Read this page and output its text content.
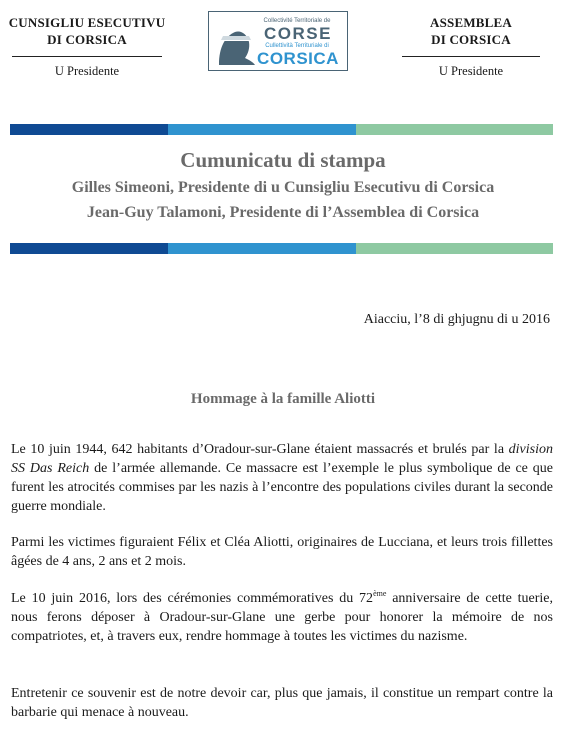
CUNSIGLIU ESECUTIVU
DI CORSICA
U Presidente
Collectivité Territoriale de
CORSE
Cullettività Territuriale di
CORSICA
ASSEMBLEA
DI CORSICA
U Presidente
Cumunicatu di stampa
Gilles Simeoni, Presidente di u Cunsigliu Esecutivu di Corsica
Jean-Guy Talamoni, Presidente di l’Assemblea di Corsica
Aiacciu, l’8 di ghjugnu di u 2016
Hommage à la famille Aliotti

Le 10 juin 1944, 642 habitants d’Oradour-sur-Glane étaient massacrés et brulés par la division SS Das Reich de l’armée allemande. Ce massacre est l’exemple le plus symbolique de ce que furent les atrocités commises par les nazis à l’encontre des populations civiles durant la seconde guerre mondiale.

Parmi les victimes figuraient Félix et Cléa Aliotti, originaires de Lucciana, et leurs trois fillettes âgées de 4 ans, 2 ans et 2 mois.

Le 10 juin 2016, lors des cérémonies commémoratives du 72ème anniversaire de cette tuerie, nous ferons déposer à Oradour-sur-Glane une gerbe pour honorer la mémoire de nos compatriotes, et, à travers eux, rendre hommage à toutes les victimes du nazisme.

Entretenir ce souvenir est de notre devoir car, plus que jamais, il constitue un rempart contre la barbarie qui menace à nouveau.
